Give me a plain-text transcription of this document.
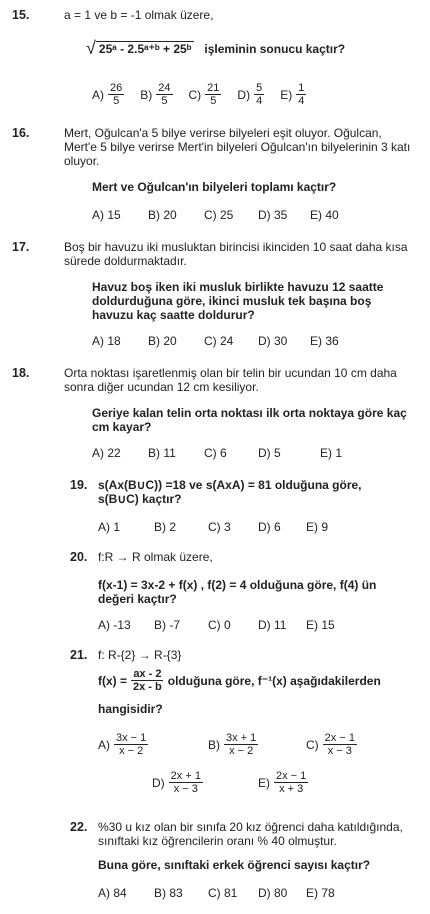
15.	a = 1 ve b = -1 olmak üzere,
√ 25ᵃ - 2.5ᵃ⁺ᵇ + 25ᵇ işleminin sonucu kaçtır?
$A) \frac{26}{5} B) \frac{24}{5} C) \frac{21}{5} D) \frac{5}{4} E) \frac{1}{4}$
16.	Mert, Oğulcan'a 5 bilye verirse bilyeleri eşit oluyor. Oğulcan, Mert'e 5 bilye verirse Mert'in bilyeleri Oğulcan'ın bilyelerinin 3 katı oluyor.
Mert ve Oğulcan'ın bilyeleri toplamı kaçtır?
A) 15	B) 20	C) 25	D) 35	E) 40
17.	Boş bir havuzu iki musluktan birincisi ikinciden 10 saat daha kısa sürede doldurmaktadır.
Havuz boş iken iki musluk birlikte havuzu 12 saatte doldurduğuna göre, ikinci musluk tek başına boş havuzu kaç saatte doldurur?
A) 18	B) 20	C) 24	D) 30	E) 36
18.	Orta noktası işaretlenmiş olan bir telin bir ucundan 10 cm daha sonra diğer ucundan 12 cm kesiliyor.
Geriye kalan telin orta noktası ilk orta noktaya göre kaç cm kayar?
A) 22	B) 11	C) 6	D) 5	E) 1
19. s(Ax(B∪C)) =18 ve s(AxA) = 81 olduğuna göre, s(B∪C) kaçtır?
A) 1	B) 2	C) 3	D) 6	E) 9
20. f:R → R olmak üzere,
f(x-1) = 3x-2 + f(x) , f(2) = 4 olduğuna göre, f(4) ün değeri kaçtır?
A) -13	B) -7	C) 0	D) 11	E) 15
21. f: R-{2} → R-{3}
$f(x) = \frac{ax - 2}{2x - b}$ olduğuna göre, f⁻¹(x) aşağıdakilerden
hangisidir?
$A) \frac{3x - 1}{x - 2}$	$B) \frac{3x + 1}{x - 2}$	$C) \frac{2x - 1}{x - 3}$
$D) \frac{2x + 1}{x - 3}$	$E) \frac{2x - 1}{x + 3}$
22. %30 u kız olan bir sınıfa 20 kız öğrenci daha katıldığında, sınıftaki kız öğrencilerin oranı % 40 olmuştur.
Buna göre, sınıftaki erkek öğrenci sayısı kaçtır?
A) 84	B) 83	C) 81	D) 80	E) 78
